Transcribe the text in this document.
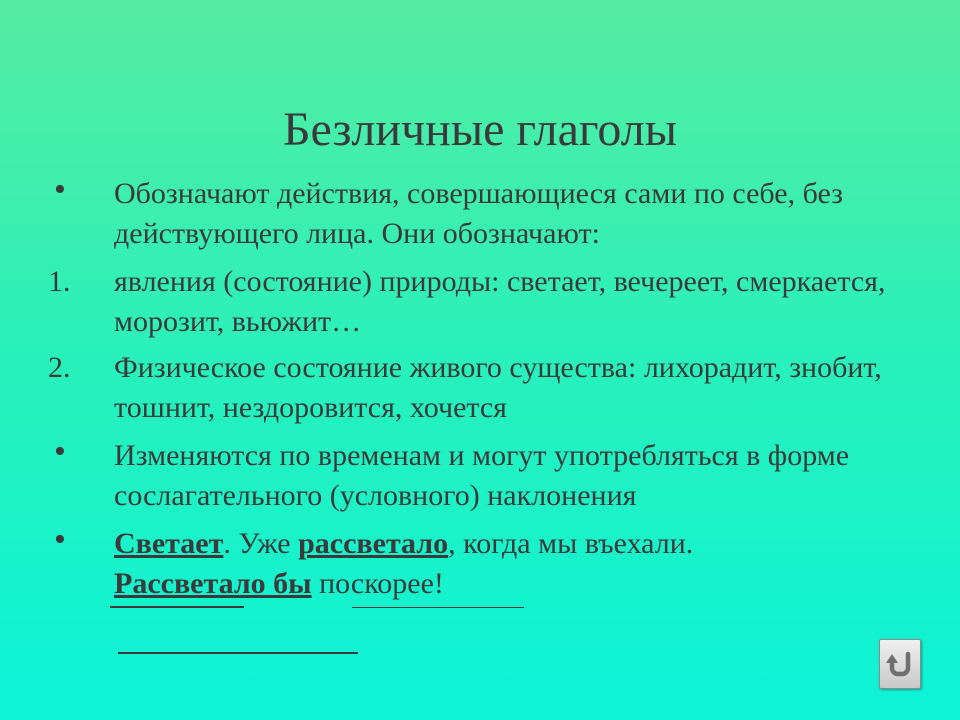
Безличные глаголы
• Обозначают действия, совершающиеся сами по себе, без действующего лица. Они обозначают:
1. явления (состояние) природы: светает, вечереет, смеркается, морозит, вьюжит…
2. Физическое состояние живого существа: лихорадит, знобит, тошнит, нездоровится, хочется
• Изменяются по временам и могут употребляться в форме сослагательного (условного) наклонения
• Светает. Уже рассветало, когда мы въехали.
Рассветало бы поскорее!
